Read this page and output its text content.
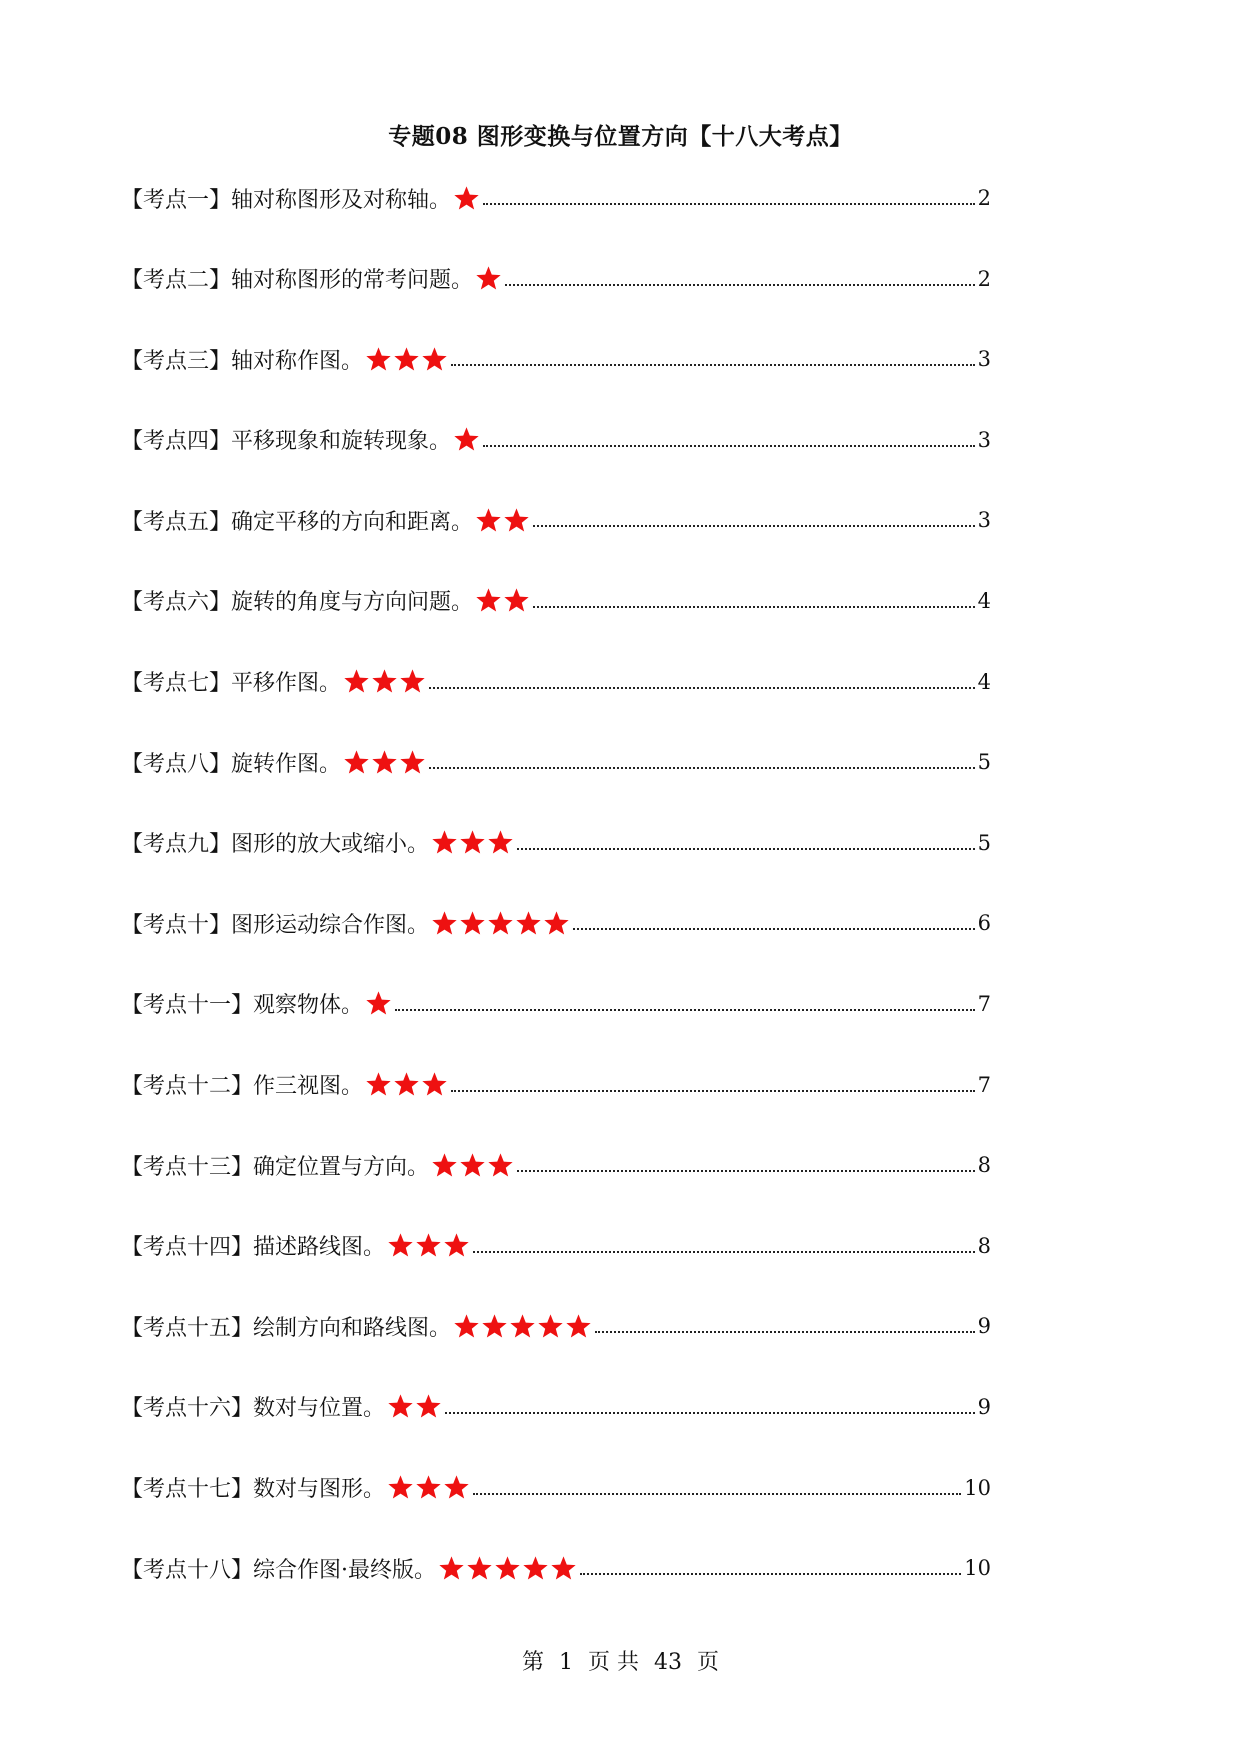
专题08 图形变换与位置方向【十八大考点】
【考点一】轴对称图形及对称轴。	2
【考点二】轴对称图形的常考问题。	2
【考点三】轴对称作图。	3
【考点四】平移现象和旋转现象。	3
【考点五】确定平移的方向和距离。	3
【考点六】旋转的角度与方向问题。	4
【考点七】平移作图。	4
【考点八】旋转作图。	5
【考点九】图形的放大或缩小。	5
【考点十】图形运动综合作图。	6
【考点十一】观察物体。	7
【考点十二】作三视图。	7
【考点十三】确定位置与方向。	8
【考点十四】描述路线图。	8
【考点十五】绘制方向和路线图。	9
【考点十六】数对与位置。	9
【考点十七】数对与图形。	10
【考点十八】综合作图·最终版。	10
第 1 页 共 43 页
